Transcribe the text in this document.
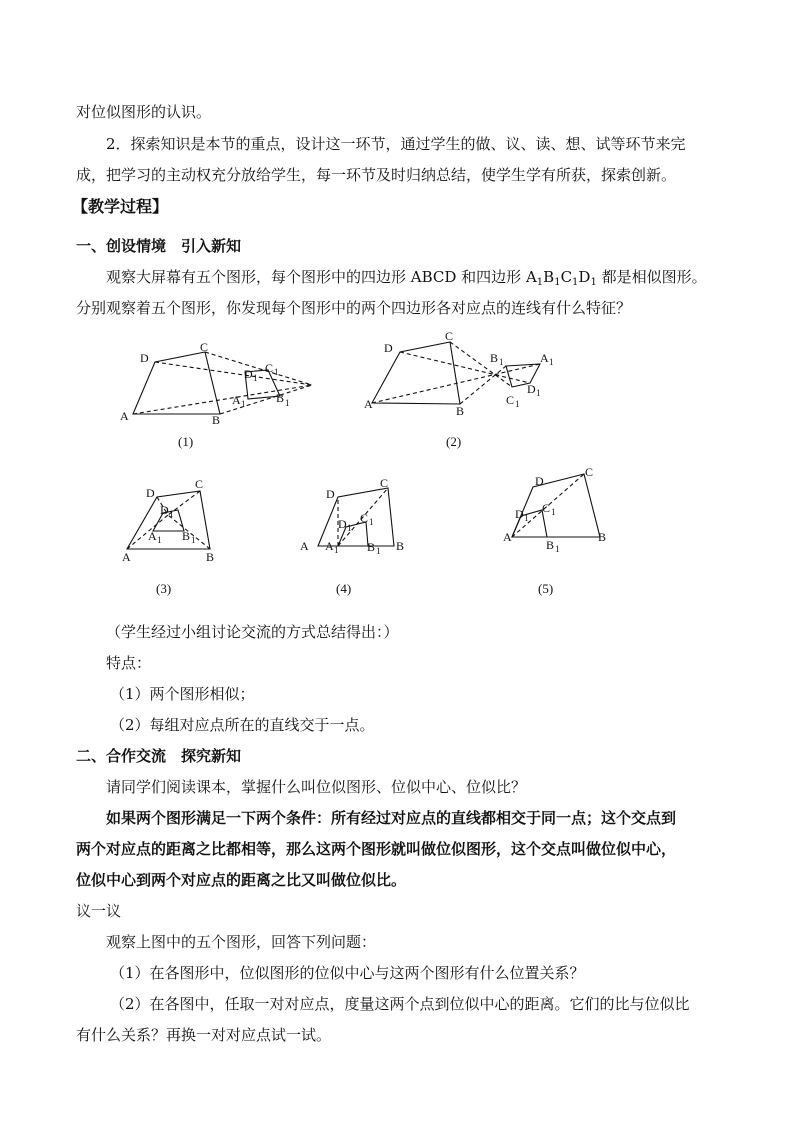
对位似图形的认识。
2．探索知识是本节的重点，设计这一环节，通过学生的做、议、读、想、试等环节来完
成，把学习的主动权充分放给学生，每一环节及时归纳总结，使学生学有所获，探索创新。
【教学过程】
一、创设情境　引入新知
观察大屏幕有五个图形，每个图形中的四边形 ABCD 和四边形 $A_1B_1C_1D_1$ 都是相似图形。
分别观察着五个图形，你发现每个图形中的两个四边形各对应点的连线有什么特征？
D
C
A	B
D 1
C 1
A 1	B 1
(1)
D
C
A	B
B 1	A 1
D 1
C 1
(2)
D
C
A	B
D 1
A 1 B 1
(3)
D
C
A	B
D 1
C 1
A 1 B 1
(4)
D
C
A	B
D 1
C 1
B 1
(5)
（学生经过小组讨论交流的方式总结得出：）
特点：
（1）两个图形相似；
（2）每组对应点所在的直线交于一点。
二、合作交流　探究新知
请同学们阅读课本，掌握什么叫位似图形、位似中心、位似比？
如果两个图形满足一下两个条件：所有经过对应点的直线都相交于同一点；这个交点到
两个对应点的距离之比都相等，那么这两个图形就叫做位似图形，这个交点叫做位似中心，
位似中心到两个对应点的距离之比又叫做位似比。
议一议
观察上图中的五个图形，回答下列问题：
（1）在各图形中，位似图形的位似中心与这两个图形有什么位置关系？
（2）在各图中，任取一对对应点，度量这两个点到位似中心的距离。它们的比与位似比
有什么关系？再换一对对应点试一试。
